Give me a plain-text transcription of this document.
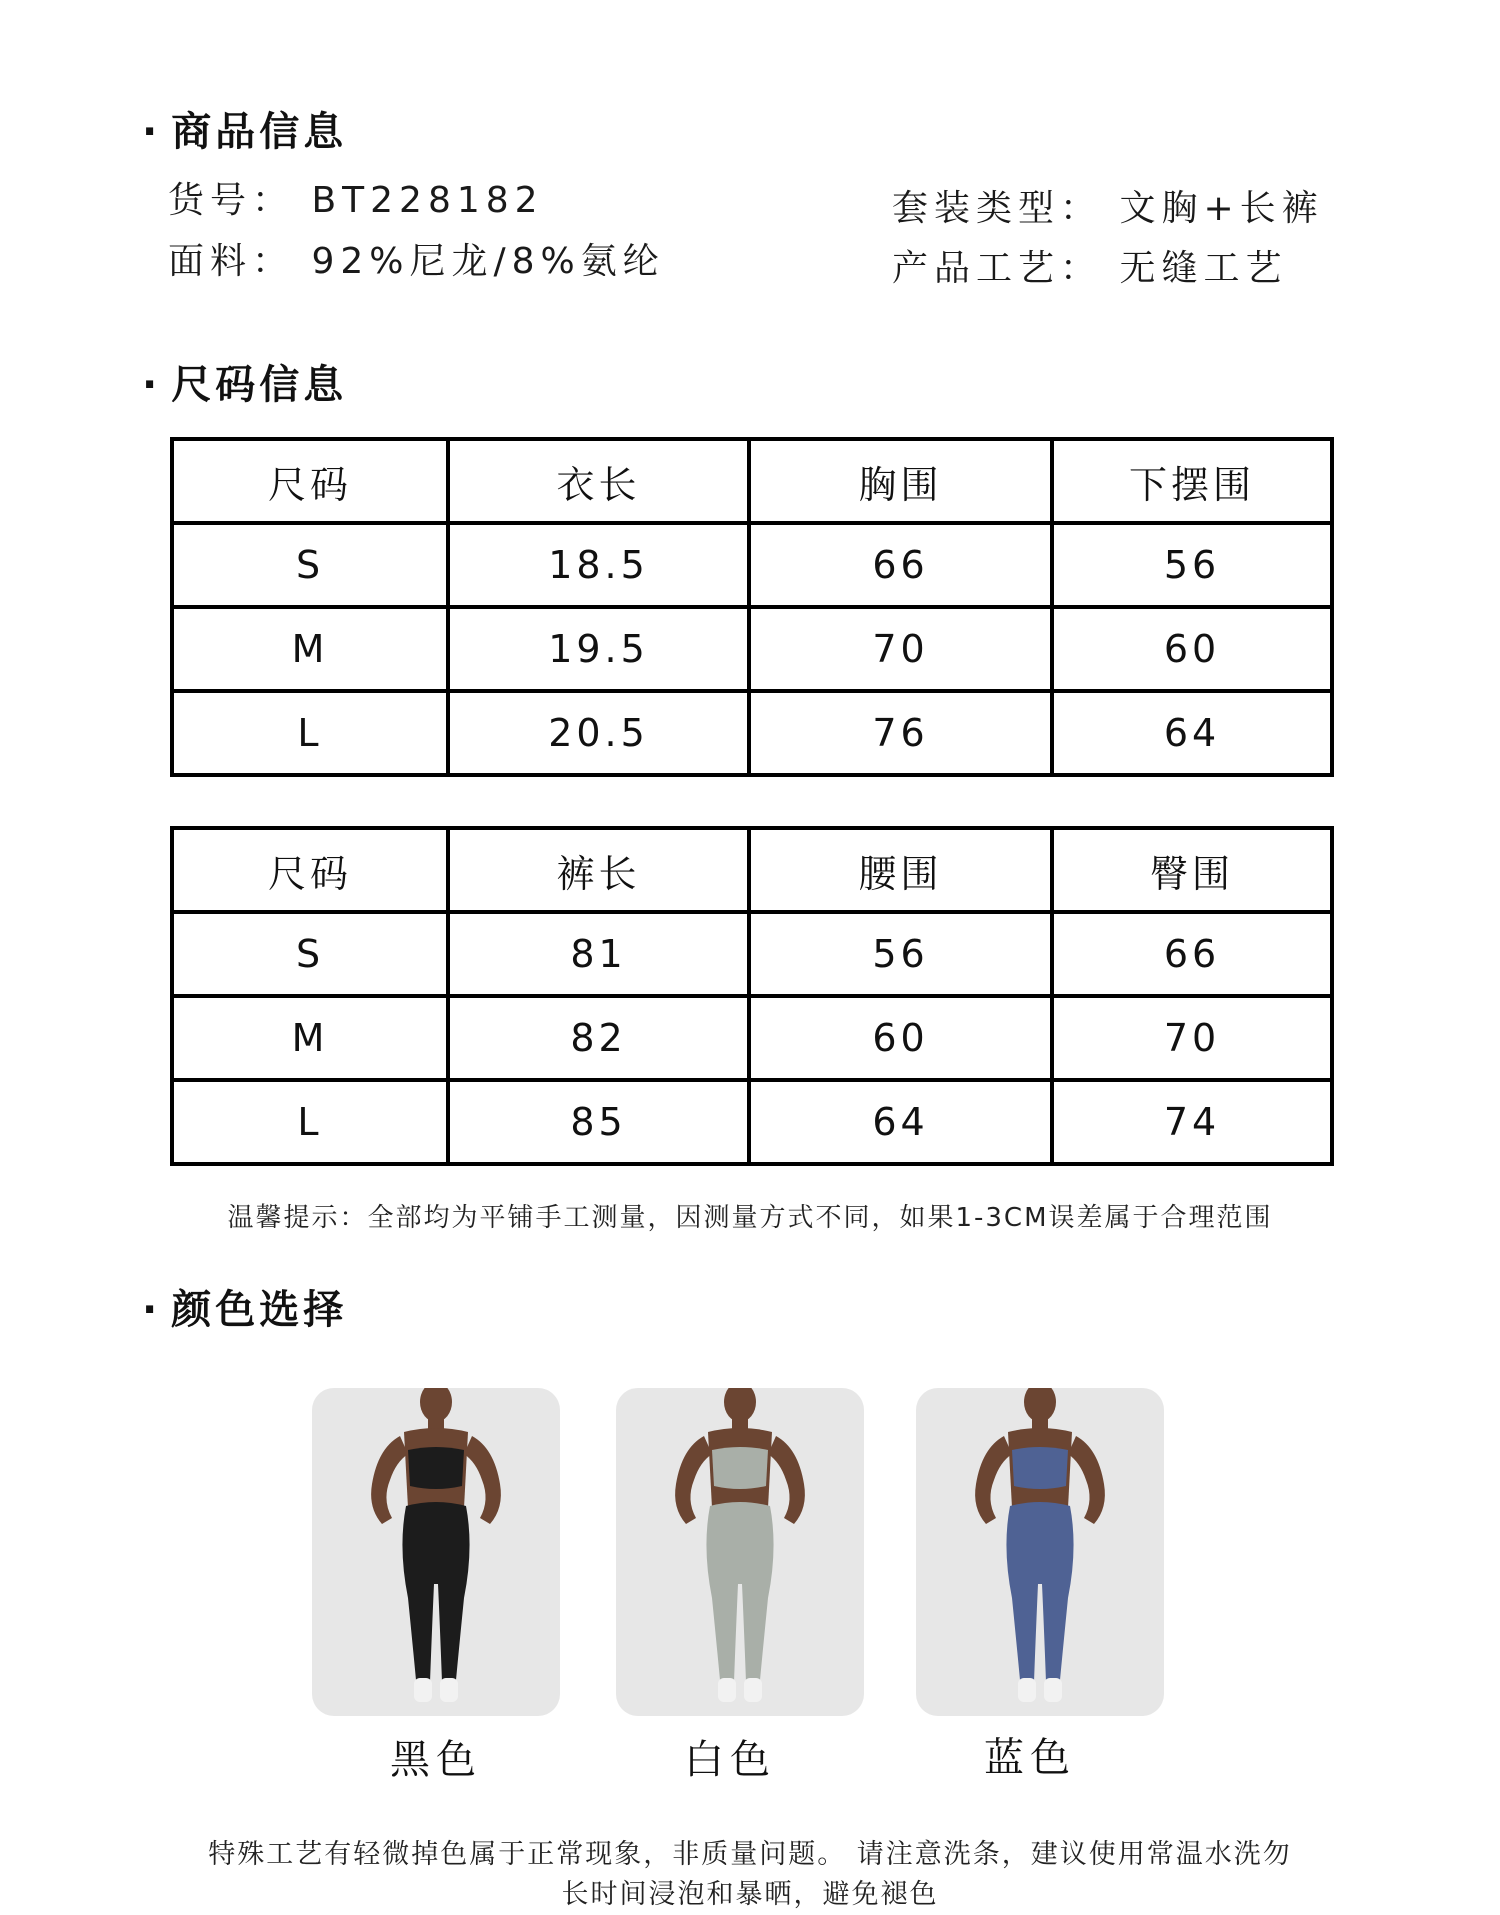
· 商品信息
货号： BT228182
面料： 92%尼龙/8%氨纶
套装类型： 文胸+长裤
产品工艺： 无缝工艺
· 尺码信息
尺码	衣长	胸围	下摆围
S	18.5	66	56
M	19.5	70	60
L	20.5	76	64
尺码	裤长	腰围	臀围
S	81	56	66
M	82	60	70
L	85	64	74
温馨提示：全部均为平铺手工测量，因测量方式不同，如果1-3CM误差属于合理范围
· 颜色选择
黑色	白色	蓝色
特殊工艺有轻微掉色属于正常现象，非质量问题。 请注意洗条，建议使用常温水洗勿
长时间浸泡和暴晒，避免褪色
